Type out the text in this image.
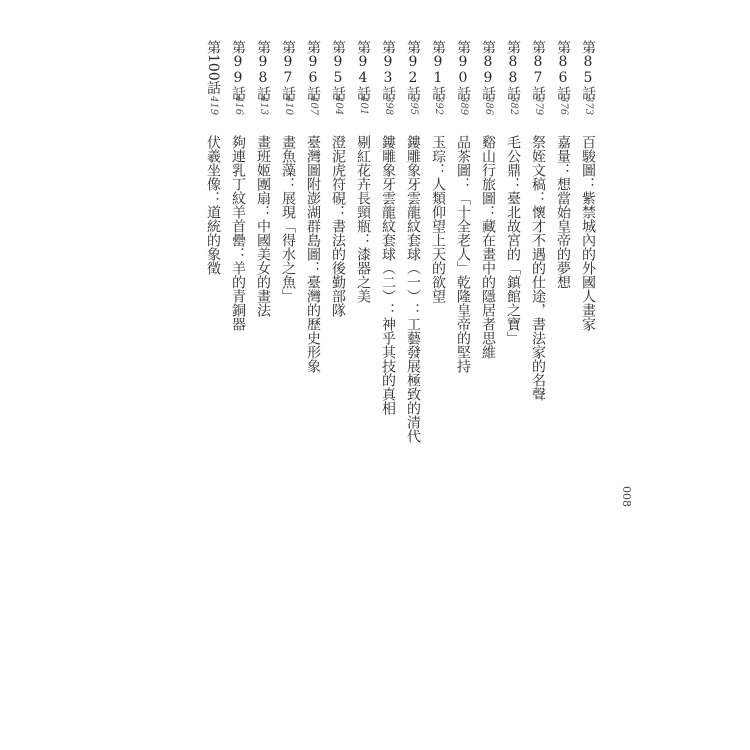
第85話
373
百駿圖：紫禁城內的外國人畫家
第86話
376
嘉量：想當始皇帝的夢想
第87話
379
祭姪文稿：懷才不遇的仕途，書法家的名聲
第88話
382
毛公鼎：臺北故宮的「鎮館之寶」
第89話
386
谿山行旅圖：藏在畫中的隱居者思維
第90話
389
品茶圖：「十全老人」乾隆皇帝的堅持
第91話
392
玉琮：人類仰望上天的欲望
第92話
395
鏤雕象牙雲龍紋套球（一）：工藝發展極致的清代
第93話
398
鏤雕象牙雲龍紋套球（二）：神乎其技的真相
第94話
401
剔紅花卉長頸瓶：漆器之美
第95話
404
澄泥虎符硯：書法的後勤部隊
第96話
407
臺灣圖附澎湖群島圖：臺灣的歷史形象
第97話
410
畫魚藻：展現「得水之魚」
第98話
413
畫班姬團扇：中國美女的畫法
第99話
416
夠連乳丁紋羊首罍：羊的青銅器
第100話
419
伏羲坐像：道統的象徵
008
